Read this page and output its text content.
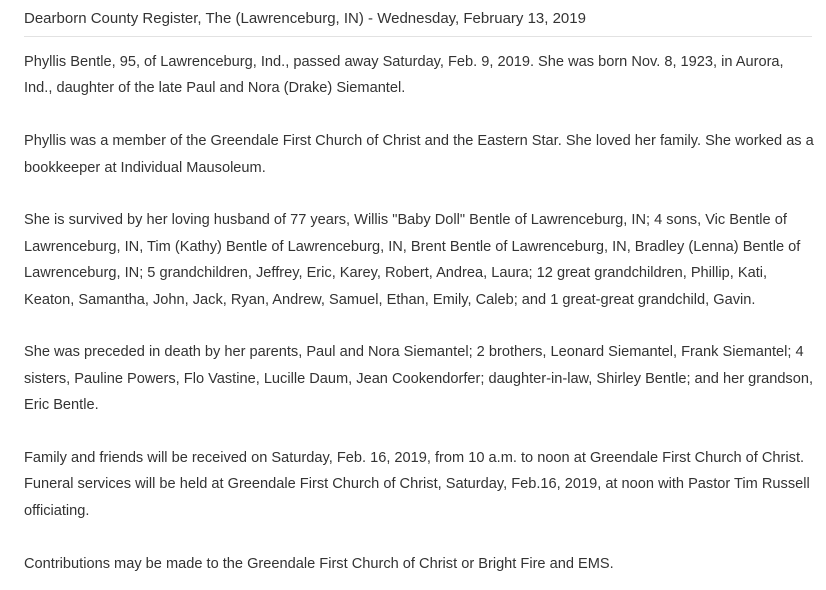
Dearborn County Register, The (Lawrenceburg, IN) - Wednesday, February 13, 2019

Phyllis Bentle, 95, of Lawrenceburg, Ind., passed away Saturday, Feb. 9, 2019. She was born Nov. 8, 1923, in Aurora, Ind., daughter of the late Paul and Nora (Drake) Siemantel.

Phyllis was a member of the Greendale First Church of Christ and the Eastern Star. She loved her family. She worked as a bookkeeper at Individual Mausoleum.

She is survived by her loving husband of 77 years, Willis "Baby Doll" Bentle of Lawrenceburg, IN; 4 sons, Vic Bentle of Lawrenceburg, IN, Tim (Kathy) Bentle of Lawrenceburg, IN, Brent Bentle of Lawrenceburg, IN, Bradley (Lenna) Bentle of Lawrenceburg, IN; 5 grandchildren, Jeffrey, Eric, Karey, Robert, Andrea, Laura; 12 great grandchildren, Phillip, Kati, Keaton, Samantha, John, Jack, Ryan, Andrew, Samuel, Ethan, Emily, Caleb; and 1 great-great grandchild, Gavin.

She was preceded in death by her parents, Paul and Nora Siemantel; 2 brothers, Leonard Siemantel, Frank Siemantel; 4 sisters, Pauline Powers, Flo Vastine, Lucille Daum, Jean Cookendorfer; daughter-in-law, Shirley Bentle; and her grandson, Eric Bentle.

Family and friends will be received on Saturday, Feb. 16, 2019, from 10 a.m. to noon at Greendale First Church of Christ. Funeral services will be held at Greendale First Church of Christ, Saturday, Feb.16, 2019, at noon with Pastor Tim Russell officiating.

Contributions may be made to the Greendale First Church of Christ or Bright Fire and EMS.
